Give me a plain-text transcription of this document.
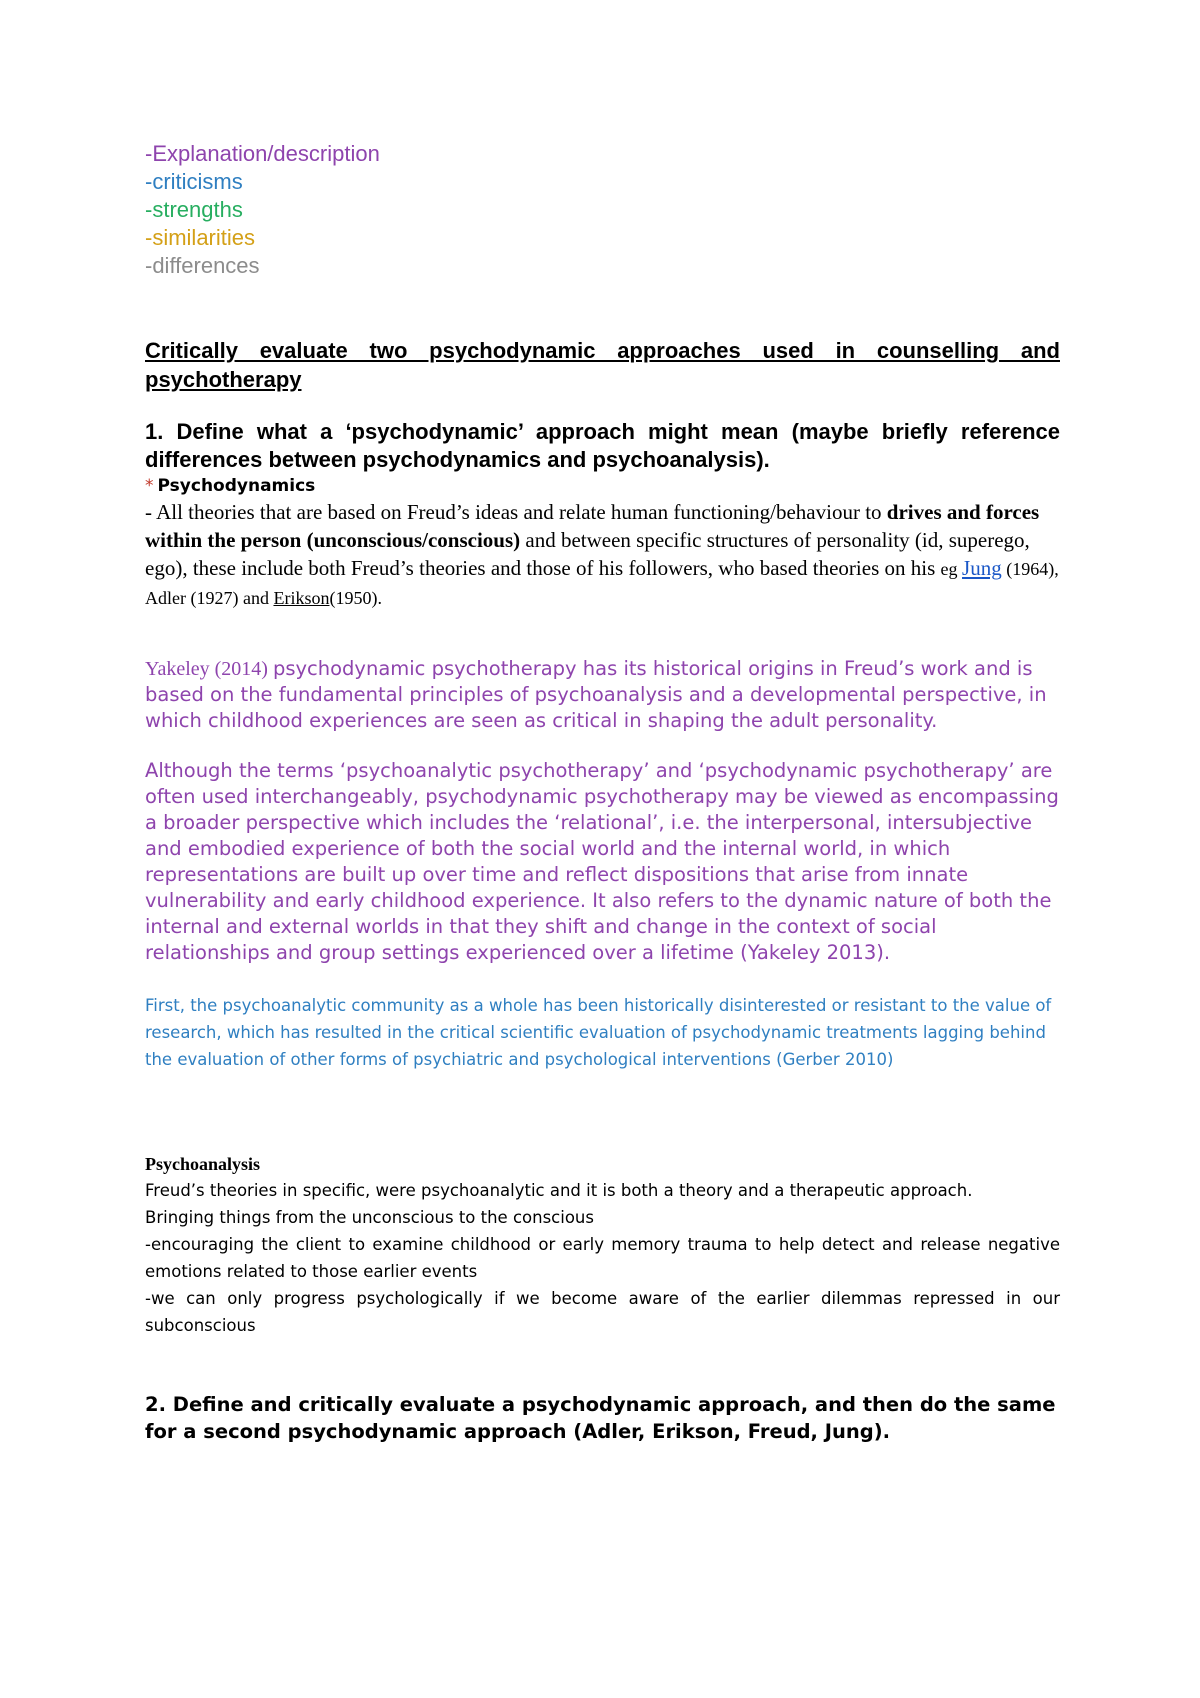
-Explanation/description
-criticisms
-strengths
-similarities
-differences
Critically evaluate two psychodynamic approaches used in counselling and psychotherapy
1. Define what a ‘psychodynamic’ approach might mean (maybe briefly reference differences between psychodynamics and psychoanalysis).
* Psychodynamics
- All theories that are based on Freud’s ideas and relate human functioning/behaviour to drives and forces within the person (unconscious/conscious) and between specific structures of personality (id, superego, ego), these include both Freud’s theories and those of his followers, who based theories on his eg Jung (1964), Adler (1927) and Erikson(1950).
Yakeley (2014) psychodynamic psychotherapy has its historical origins in Freud’s work and is based on the fundamental principles of psychoanalysis and a developmental perspective, in which childhood experiences are seen as critical in shaping the adult personality.
Although the terms ‘psychoanalytic psychotherapy’ and ‘psychodynamic psychotherapy’ are often used interchangeably, psychodynamic psychotherapy may be viewed as encompassing a broader perspective which includes the ‘relational’, i.e. the interpersonal, intersubjective and embodied experience of both the social world and the internal world, in which representations are built up over time and reflect dispositions that arise from innate vulnerability and early childhood experience. It also refers to the dynamic nature of both the internal and external worlds in that they shift and change in the context of social relationships and group settings experienced over a lifetime (Yakeley 2013).
First, the psychoanalytic community as a whole has been historically disinterested or resistant to the value of research, which has resulted in the critical scientific evaluation of psychodynamic treatments lagging behind the evaluation of other forms of psychiatric and psychological interventions (Gerber 2010)
Psychoanalysis
Freud’s theories in specific, were psychoanalytic and it is both a theory and a therapeutic approach.
Bringing things from the unconscious to the conscious
-encouraging the client to examine childhood or early memory trauma to help detect and release negative emotions related to those earlier events
-we can only progress psychologically if we become aware of the earlier dilemmas repressed in our subconscious
2. Define and critically evaluate a psychodynamic approach, and then do the same for a second psychodynamic approach (Adler, Erikson, Freud, Jung).
